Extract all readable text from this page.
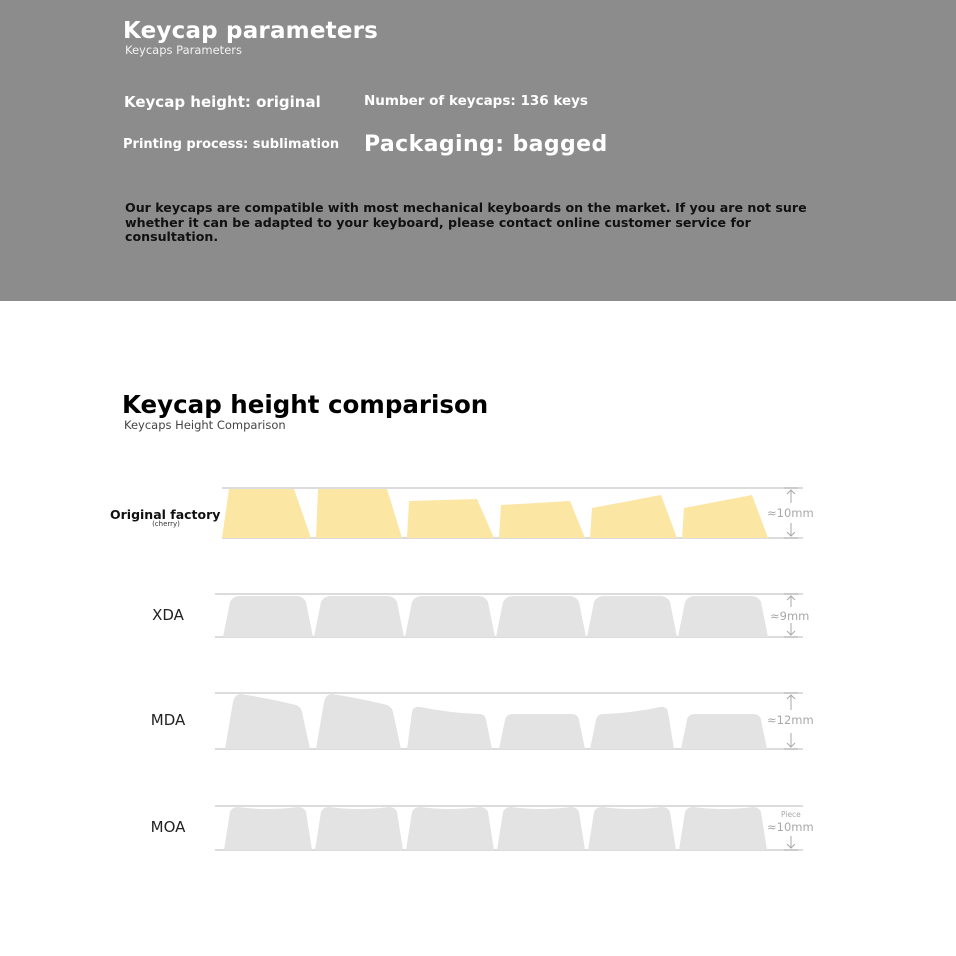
Keycap parameters
Keycaps Parameters
Keycap height: original	Number of keycaps: 136 keys
Printing process: sublimation Packaging: bagged
Our keycaps are compatible with most mechanical keyboards on the market. If you are not sure whether it can be adapted to your keyboard, please contact online customer service for consultation.
Keycap height comparison
Keycaps Height Comparison
Original factory
(cherry)
XDA
MDA
MOA
≈10mm
≈9mm
≈12mm
Piece
≈10mm
